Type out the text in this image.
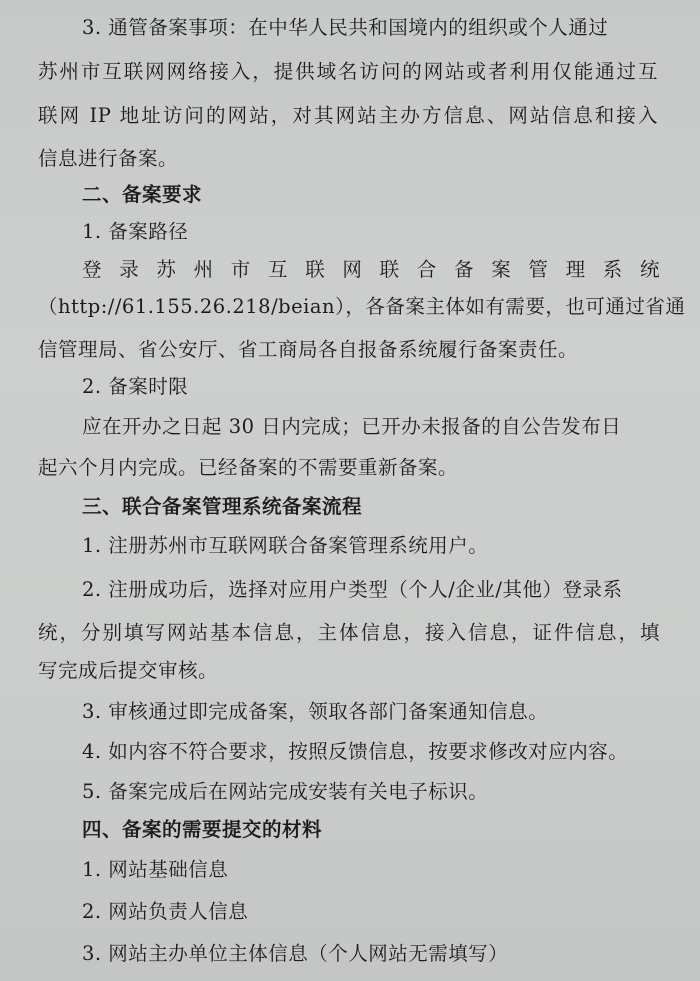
3. 通管备案事项：在中华人民共和国境内的组织或个人通过
苏州市互联网网络接入，提供域名访问的网站或者利用仅能通过互
联网 IP 地址访问的网站，对其网站主办方信息、网站信息和接入
信息进行备案。
二、备案要求
1. 备案路径
登录苏州市互联网联合备案管理系统
（http://61.155.26.218/beian），各备案主体如有需要，也可通过省通
信管理局、省公安厅、省工商局各自报备系统履行备案责任。
2. 备案时限
应在开办之日起 30 日内完成；已开办未报备的自公告发布日
起六个月内完成。已经备案的不需要重新备案。
三、联合备案管理系统备案流程
1. 注册苏州市互联网联合备案管理系统用户。
2. 注册成功后，选择对应用户类型（个人/企业/其他）登录系
统，分别填写网站基本信息，主体信息，接入信息，证件信息，填
写完成后提交审核。
3. 审核通过即完成备案，领取各部门备案通知信息。
4. 如内容不符合要求，按照反馈信息，按要求修改对应内容。
5. 备案完成后在网站完成安装有关电子标识。
四、备案的需要提交的材料
1. 网站基础信息
2. 网站负责人信息
3. 网站主办单位主体信息（个人网站无需填写）
